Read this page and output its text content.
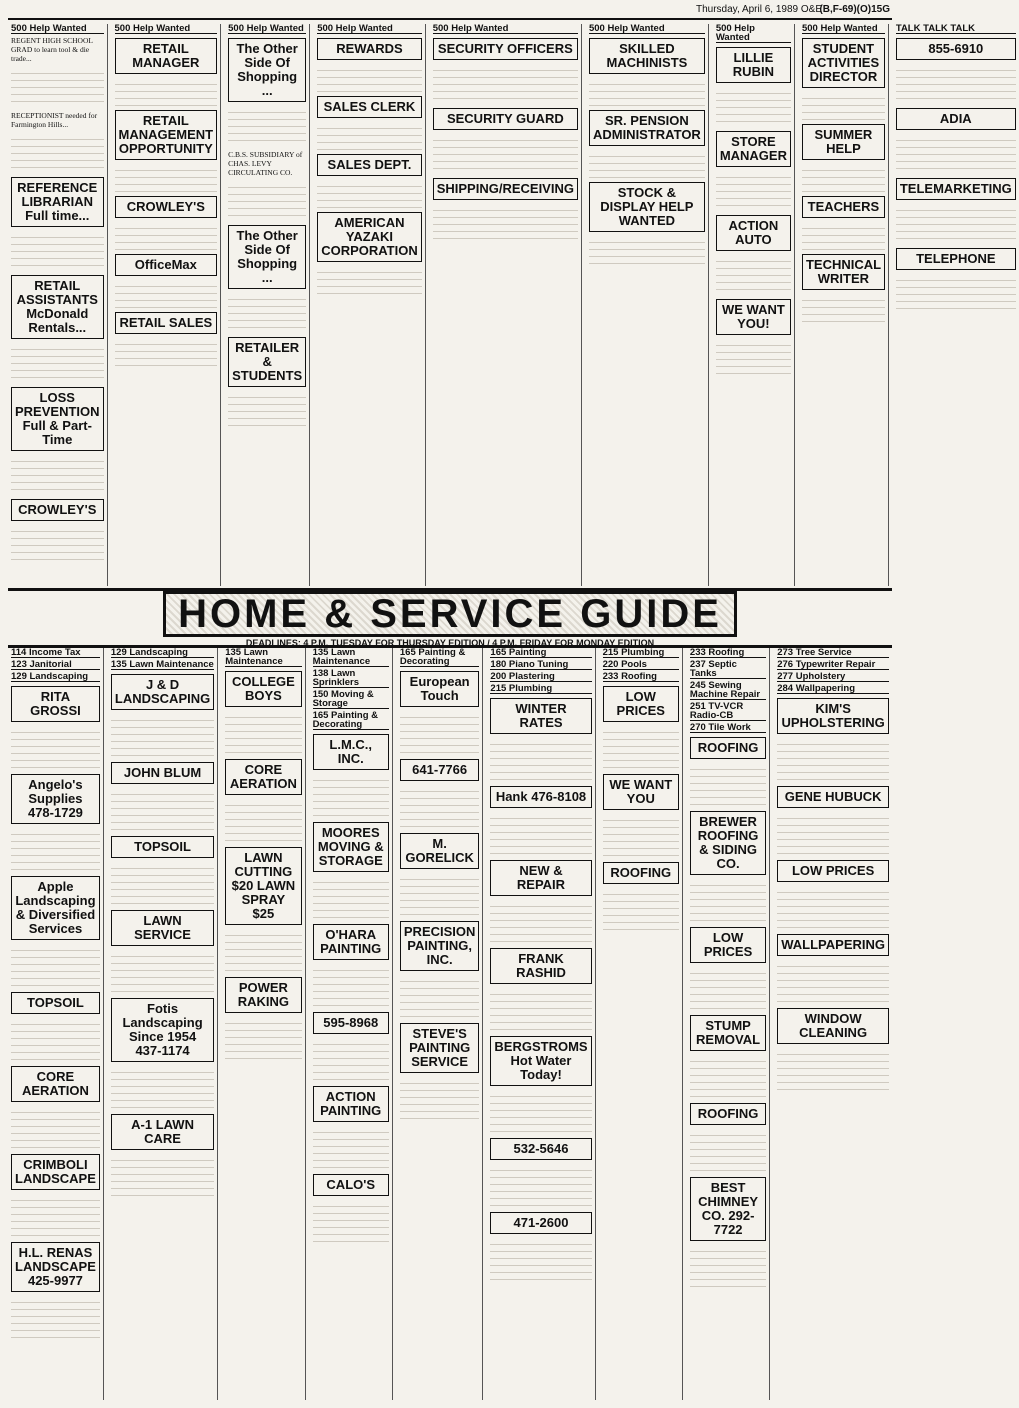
Thursday, April 6, 1989 O&E
(B,F-69)(O)15G
500 Help Wanted
REGENT HIGH SCHOOL GRAD to learn tool & die trade...
RECEPTIONIST needed for Farmington Hills...
REFERENCE LIBRARIAN Full time...
RETAIL ASSISTANTS McDonald Rentals...
LOSS PREVENTION Full & Part-Time
CROWLEY'S
500 Help Wanted
RETAIL MANAGER
RETAIL MANAGEMENT OPPORTUNITY
CROWLEY'S
OfficeMax
RETAIL SALES
500 Help Wanted
The Other Side Of Shopping ...
C.B.S. SUBSIDIARY of CHAS. LEVY CIRCULATING CO.
The Other Side Of Shopping ...
RETAILER & STUDENTS
500 Help Wanted
REWARDS
SALES CLERK
SALES DEPT.
AMERICAN YAZAKI CORPORATION
500 Help Wanted
SECURITY OFFICERS
SECURITY GUARD
SHIPPING/RECEIVING
500 Help Wanted
SKILLED MACHINISTS
SR. PENSION ADMINISTRATOR
STOCK & DISPLAY HELP WANTED
500 Help Wanted
LILLIE RUBIN
STORE MANAGER
ACTION AUTO
WE WANT YOU!
500 Help Wanted
STUDENT ACTIVITIES DIRECTOR
SUMMER HELP
TEACHERS
TECHNICAL WRITER
TALK TALK TALK
855-6910
ADIA
TELEMARKETING
TELEPHONE
HOME & SERVICE GUIDE
DEADLINES: 4 P.M. TUESDAY FOR THURSDAY EDITION / 4 P.M. FRIDAY FOR MONDAY EDITION
114 Income Tax
123 Janitorial
129 Landscaping
RITA GROSSI
Angelo's Supplies 478-1729
Apple Landscaping & Diversified Services
TOPSOIL
CORE AERATION
CRIMBOLI LANDSCAPE
H.L. RENAS LANDSCAPE 425-9977
129 Landscaping
135 Lawn Maintenance
J & D LANDSCAPING
JOHN BLUM
TOPSOIL
LAWN SERVICE
Fotis Landscaping Since 1954 437-1174
A-1 LAWN CARE
135 Lawn Maintenance
COLLEGE BOYS
CORE AERATION
LAWN CUTTING $20 LAWN SPRAY $25
POWER RAKING
135 Lawn Maintenance
138 Lawn Sprinklers
150 Moving & Storage
165 Painting & Decorating
L.M.C., INC.
MOORES MOVING & STORAGE
O'HARA PAINTING
595-8968
ACTION PAINTING
CALO'S
165 Painting & Decorating
European Touch
641-7766
M. GORELICK
PRECISION PAINTING, INC.
STEVE'S PAINTING SERVICE
165 Painting
180 Piano Tuning
200 Plastering
215 Plumbing
WINTER RATES
Hank 476-8108
NEW & REPAIR
FRANK RASHID
BERGSTROMS Hot Water Today!
532-5646
471-2600
215 Plumbing
220 Pools
233 Roofing
LOW PRICES
WE WANT YOU
ROOFING
233 Roofing
237 Septic Tanks
245 Sewing Machine Repair
251 TV-VCR Radio-CB
270 Tile Work
ROOFING
BREWER ROOFING & SIDING CO.
LOW PRICES
STUMP REMOVAL
ROOFING
BEST CHIMNEY CO. 292-7722
273 Tree Service
276 Typewriter Repair
277 Upholstery
284 Wallpapering
KIM'S UPHOLSTERING
GENE HUBUCK
LOW PRICES
WALLPAPERING
WINDOW CLEANING
